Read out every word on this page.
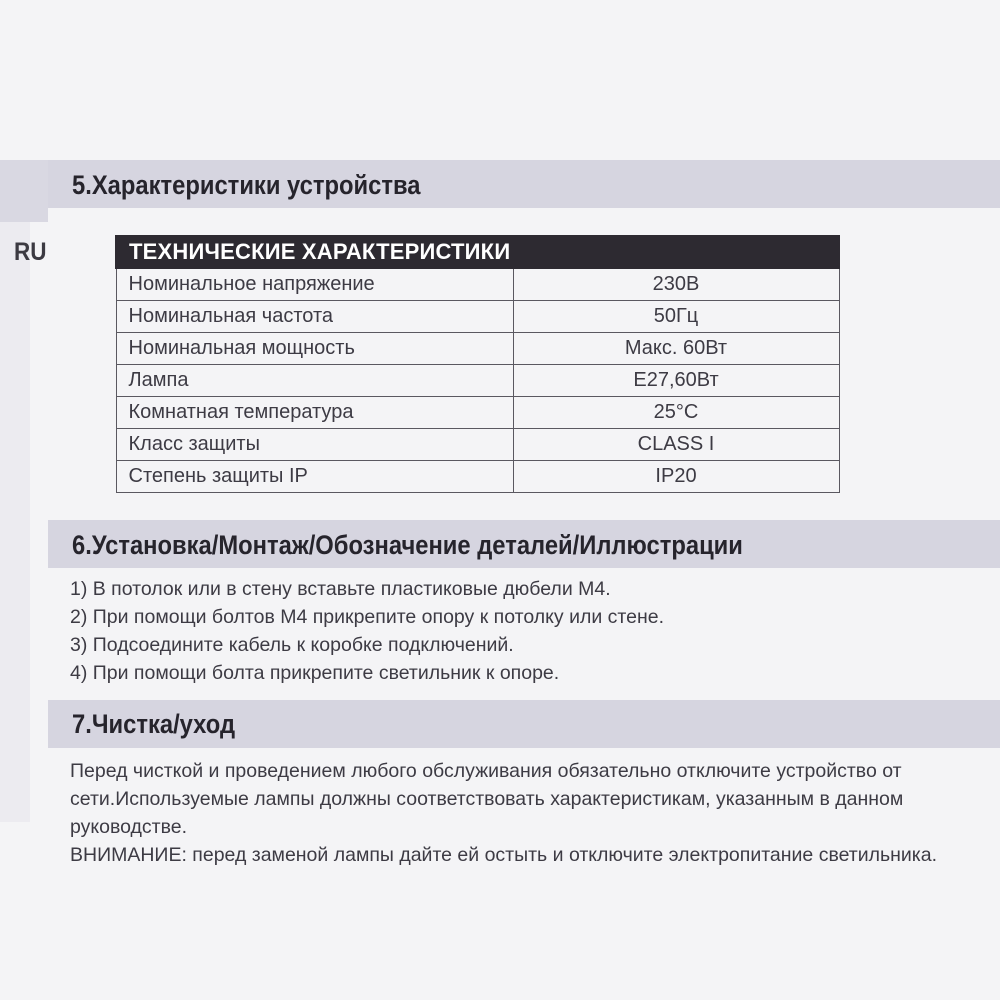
RU
5.Характеристики устройства
ТЕХНИЧЕСКИЕ ХАРАКТЕРИСТИКИ	
Номинальное напряжение	230В
Номинальная частота	50Гц
Номинальная мощность	Макс. 60Вт
Лампа	E27,60Вт
Комнатная температура	25°C
Класс защиты	CLASS I
Степень защиты IP	IP20
6.Установка/Монтаж/Обозначение деталей/Иллюстрации
1) В потолок или в стену вставьте пластиковые дюбели М4.
2) При помощи болтов М4 прикрепите опору к потолку или стене.
3) Подсоедините кабель к коробке подключений.
4) При помощи болта прикрепите светильник к опоре.
7.Чистка/уход
Перед чисткой и проведением любого обслуживания обязательно отключите устройство от
сети.Используемые лампы должны соответствовать характеристикам, указанным в данном
руководстве.
ВНИМАНИЕ: перед заменой лампы дайте ей остыть и отключите электропитание светильника.
